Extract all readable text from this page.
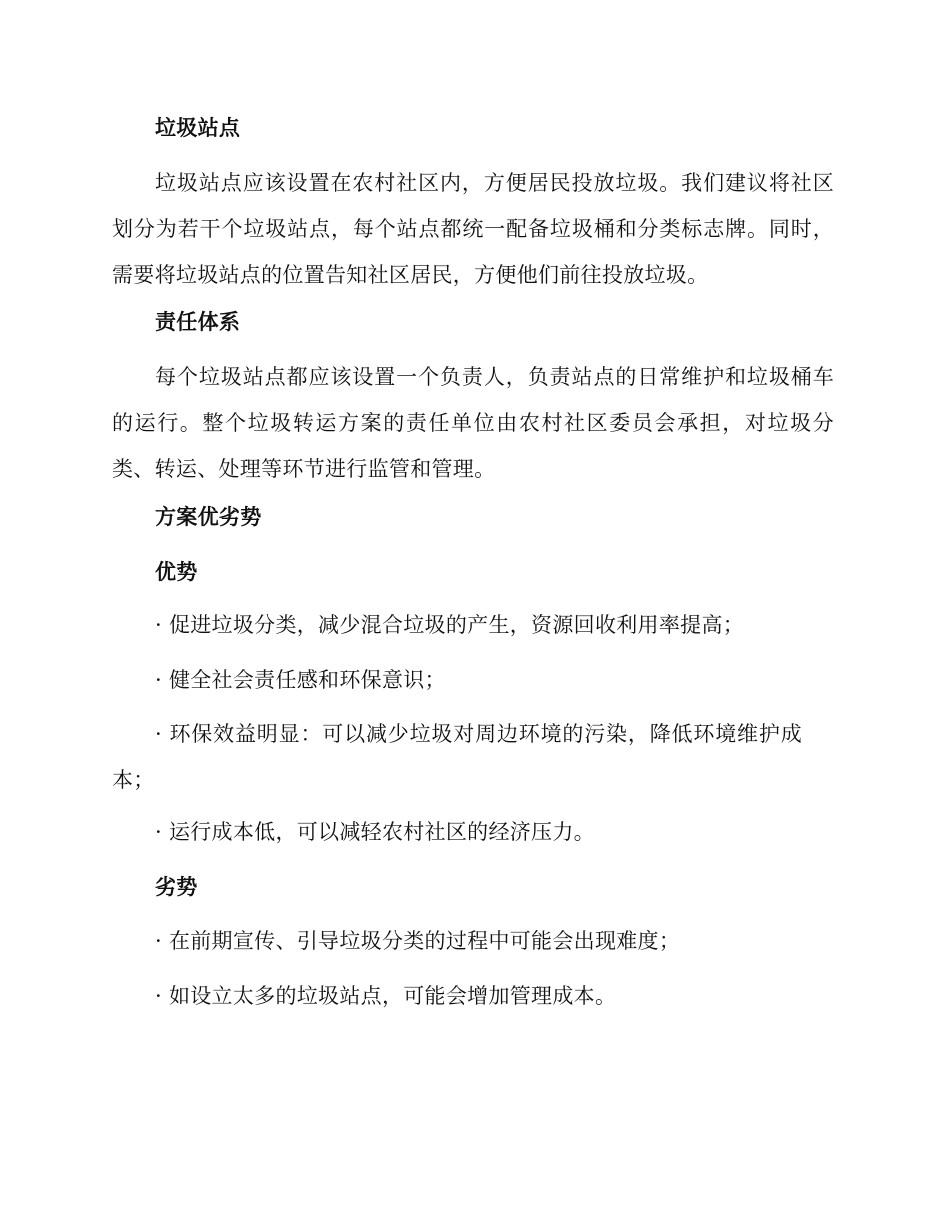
垃圾站点
垃圾站点应该设置在农村社区内，方便居民投放垃圾。我们建议将社区划分为若干个垃圾站点，每个站点都统一配备垃圾桶和分类标志牌。同时，需要将垃圾站点的位置告知社区居民，方便他们前往投放垃圾。
责任体系
每个垃圾站点都应该设置一个负责人，负责站点的日常维护和垃圾桶车的运行。整个垃圾转运方案的责任单位由农村社区委员会承担，对垃圾分类、转运、处理等环节进行监管和管理。
方案优劣势
优势
· 促进垃圾分类，减少混合垃圾的产生，资源回收利用率提高；
· 健全社会责任感和环保意识；
· 环保效益明显：可以减少垃圾对周边环境的污染，降低环境维护成本；
· 运行成本低，可以减轻农村社区的经济压力。
劣势
· 在前期宣传、引导垃圾分类的过程中可能会出现难度；
· 如设立太多的垃圾站点，可能会增加管理成本。
